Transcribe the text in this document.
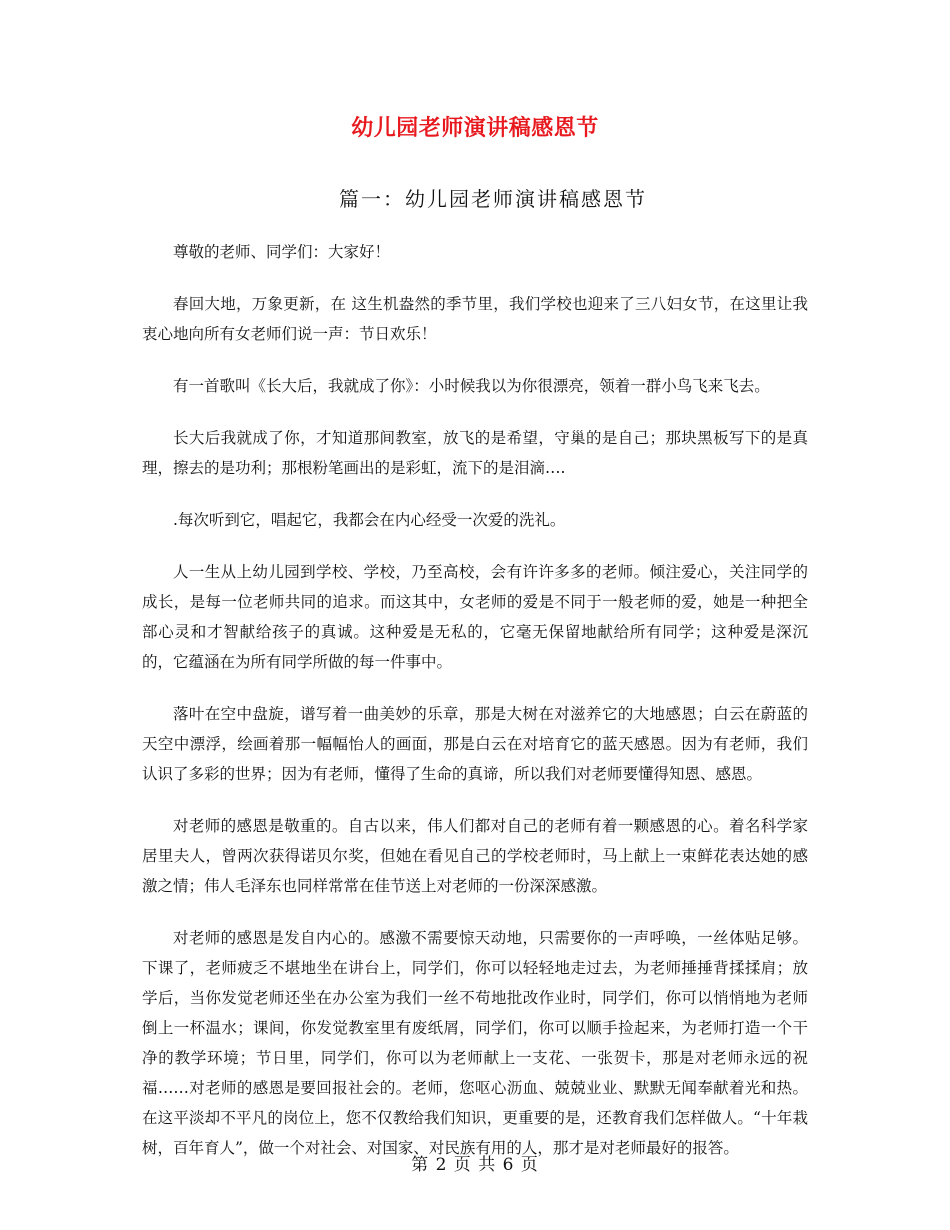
幼儿园老师演讲稿感恩节
篇一：幼儿园老师演讲稿感恩节

尊敬的老师、同学们：大家好！

春回大地，万象更新，在 这生机盎然的季节里，我们学校也迎来了三八妇女节，在这里让我衷心地向所有女老师们说一声：节日欢乐！

有一首歌叫《长大后，我就成了你》：小时候我以为你很漂亮，领着一群小鸟飞来飞去。

长大后我就成了你，才知道那间教室，放飞的是希望，守巢的是自己；那块黑板写下的是真理，擦去的是功利；那根粉笔画出的是彩虹，流下的是泪滴….

.每次听到它，唱起它，我都会在内心经受一次爱的洗礼。

人一生从上幼儿园到学校、学校，乃至高校，会有许许多多的老师。倾注爱心，关注同学的成长，是每一位老师共同的追求。而这其中，女老师的爱是不同于一般老师的爱，她是一种把全部心灵和才智献给孩子的真诚。这种爱是无私的，它毫无保留地献给所有同学；这种爱是深沉的，它蕴涵在为所有同学所做的每一件事中。

落叶在空中盘旋，谱写着一曲美妙的乐章，那是大树在对滋养它的大地感恩；白云在蔚蓝的天空中漂浮，绘画着那一幅幅怡人的画面，那是白云在对培育它的蓝天感恩。因为有老师，我们认识了多彩的世界；因为有老师，懂得了生命的真谛，所以我们对老师要懂得知恩、感恩。

对老师的感恩是敬重的。自古以来，伟人们都对自己的老师有着一颗感恩的心。着名科学家居里夫人，曾两次获得诺贝尔奖，但她在看见自己的学校老师时，马上献上一束鲜花表达她的感激之情；伟人毛泽东也同样常常在佳节送上对老师的一份深深感激。

对老师的感恩是发自内心的。感激不需要惊天动地，只需要你的一声呼唤，一丝体贴足够。下课了，老师疲乏不堪地坐在讲台上，同学们，你可以轻轻地走过去，为老师捶捶背揉揉肩；放学后，当你发觉老师还坐在办公室为我们一丝不苟地批改作业时，同学们，你可以悄悄地为老师倒上一杯温水；课间，你发觉教室里有废纸屑，同学们，你可以顺手捡起来，为老师打造一个干净的教学环境；节日里，同学们，你可以为老师献上一支花、一张贺卡，那是对老师永远的祝福……对老师的感恩是要回报社会的。老师，您呕心沥血、兢兢业业、默默无闻奉献着光和热。在这平淡却不平凡的岗位上，您不仅教给我们知识，更重要的是，还教育我们怎样做人。“十年栽树，百年育人”，做一个对社会、对国家、对民族有用的人，那才是对老师最好的报答。

第 2 页 共 6 页
